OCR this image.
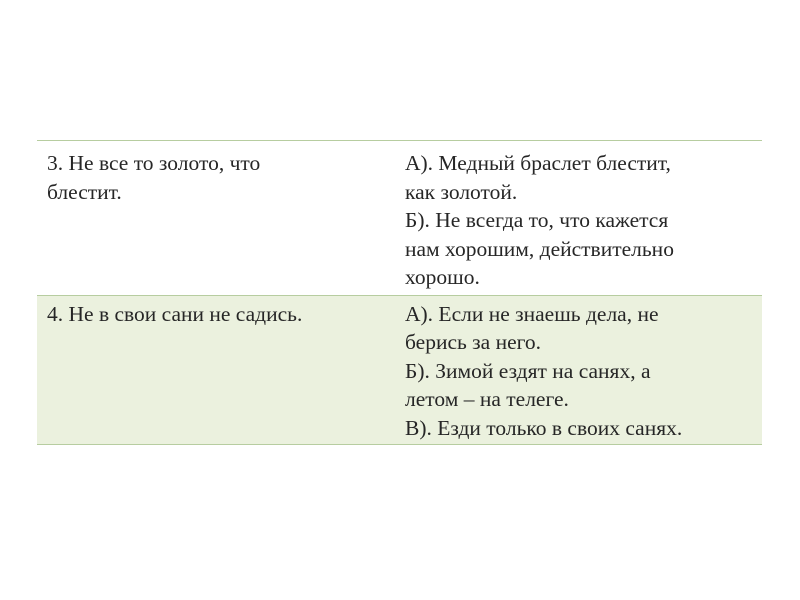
3. Не все то золото, что
блестит.
А). Медный браслет блестит,
как золотой.
Б). Не всегда то, что кажется
нам хорошим, действительно
хорошо.
4. Не в свои сани не садись.	А). Если не знаешь дела, не
берись за него.
Б). Зимой ездят на санях, а
летом – на телеге.
В). Езди только в своих санях.
